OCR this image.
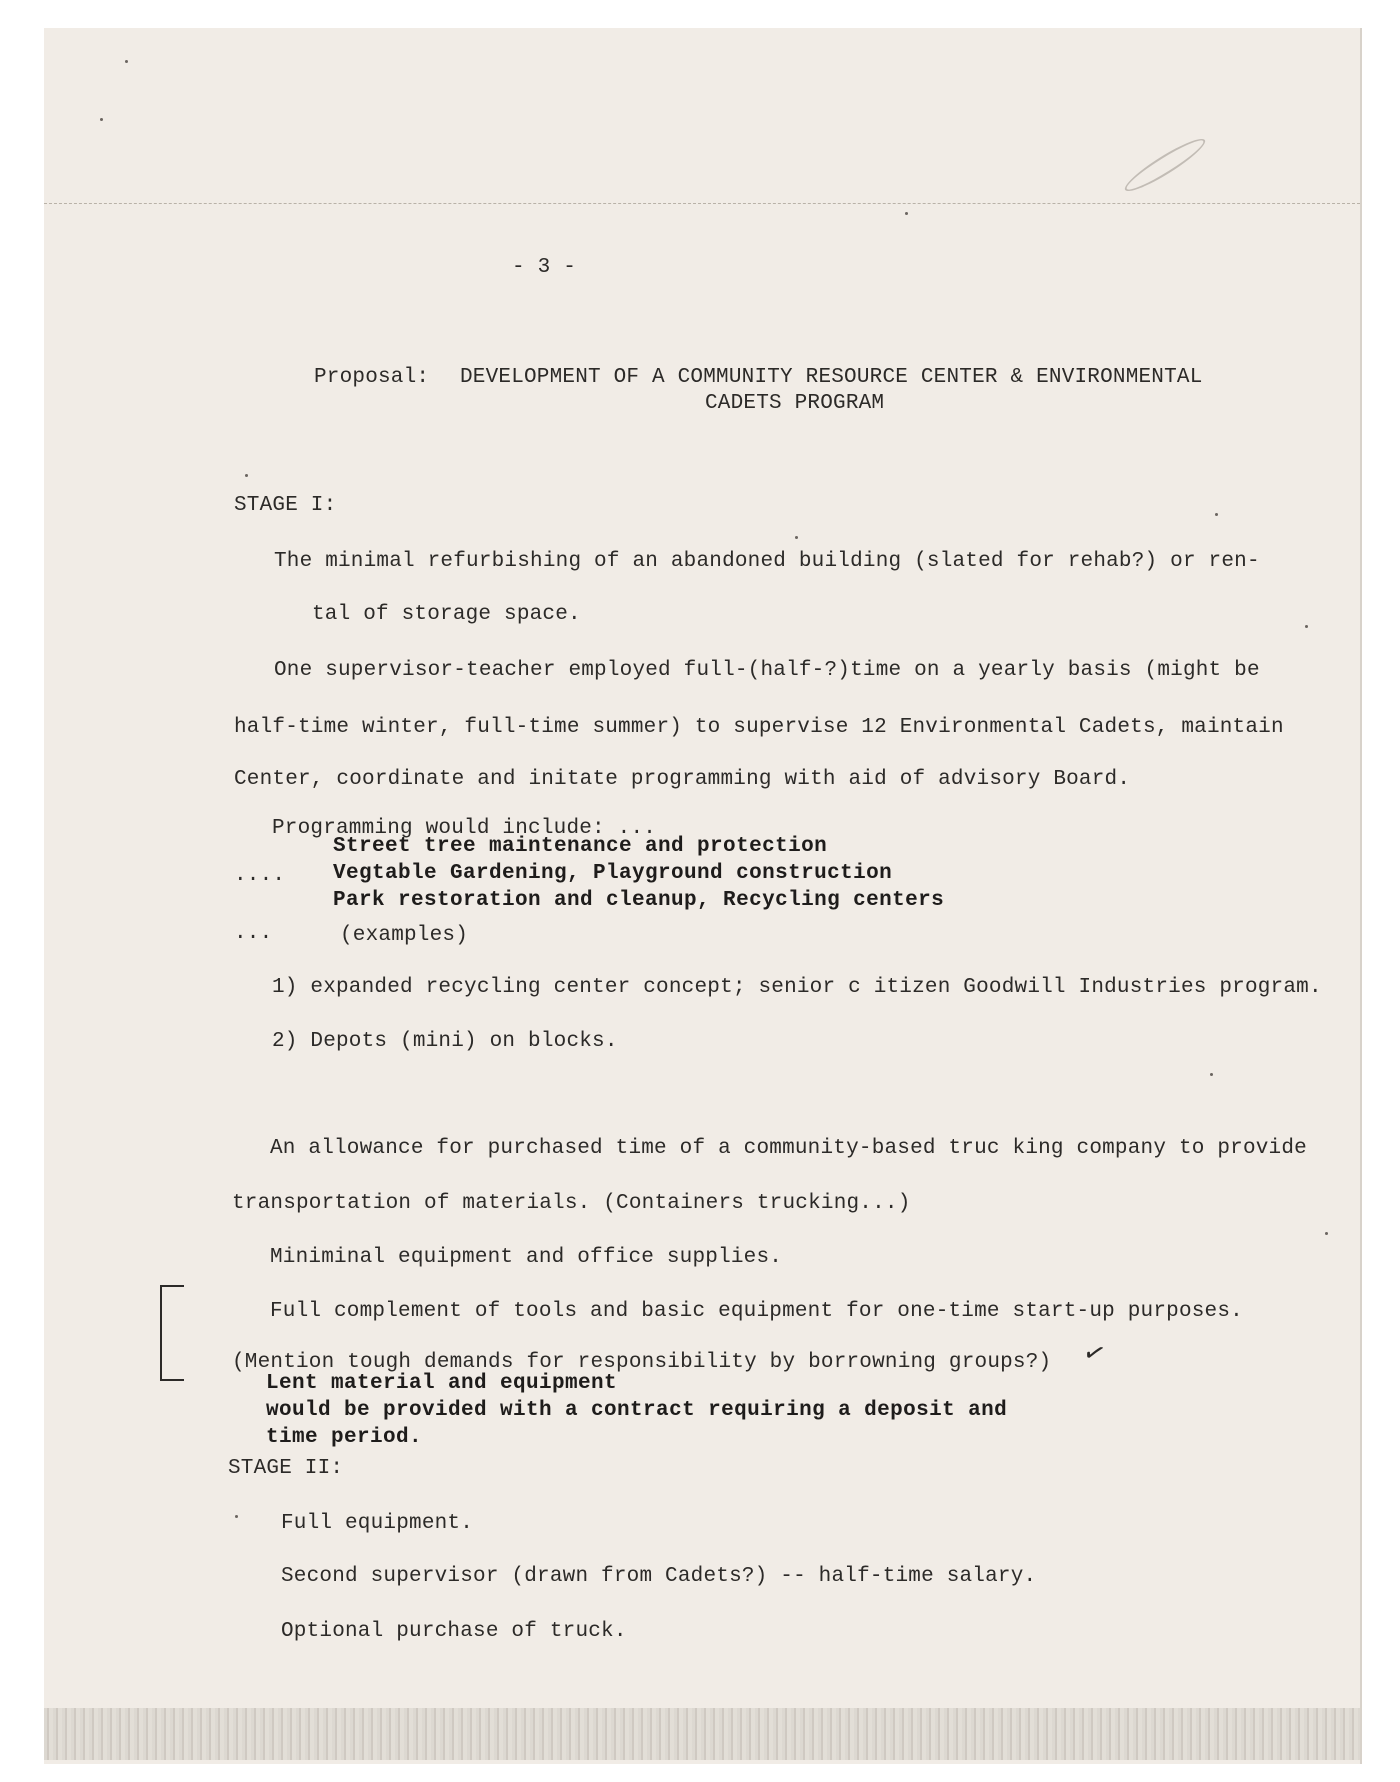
- 3 -

Proposal: DEVELOPMENT OF A COMMUNITY RESOURCE CENTER & ENVIRONMENTAL

CADETS PROGRAM

STAGE I:

The minimal refurbishing of an abandoned building (slated for rehab?) or ren-

tal of storage space.

One supervisor-teacher employed full-(half-?)time on a yearly basis (might be

half-time winter, full-time summer) to supervise 12 Environmental Cadets, maintain

Center, coordinate and initate programming with aid of advisory Board.

Programming would include: ...

Street tree maintenance and protection

.... Vegtable Gardening, Playground construction

Park restoration and cleanup, Recycling centers

...	(examples)

1) expanded recycling center concept; senior c itizen Goodwill Industries program.

2) Depots (mini) on blocks.

An allowance for purchased time of a community-based truc king company to provide

transportation of materials. (Containers trucking...)

Miniminal equipment and office supplies.

Full complement of tools and basic equipment for one-time start-up purposes.

(Mention tough demands for responsibility by borrowning groups?) ✓

Lent material and equipment

would be provided with a contract requiring a deposit and

time period.

STAGE II:

Full equipment.

Second supervisor (drawn from Cadets?) -- half-time salary.

Optional purchase of truck.
